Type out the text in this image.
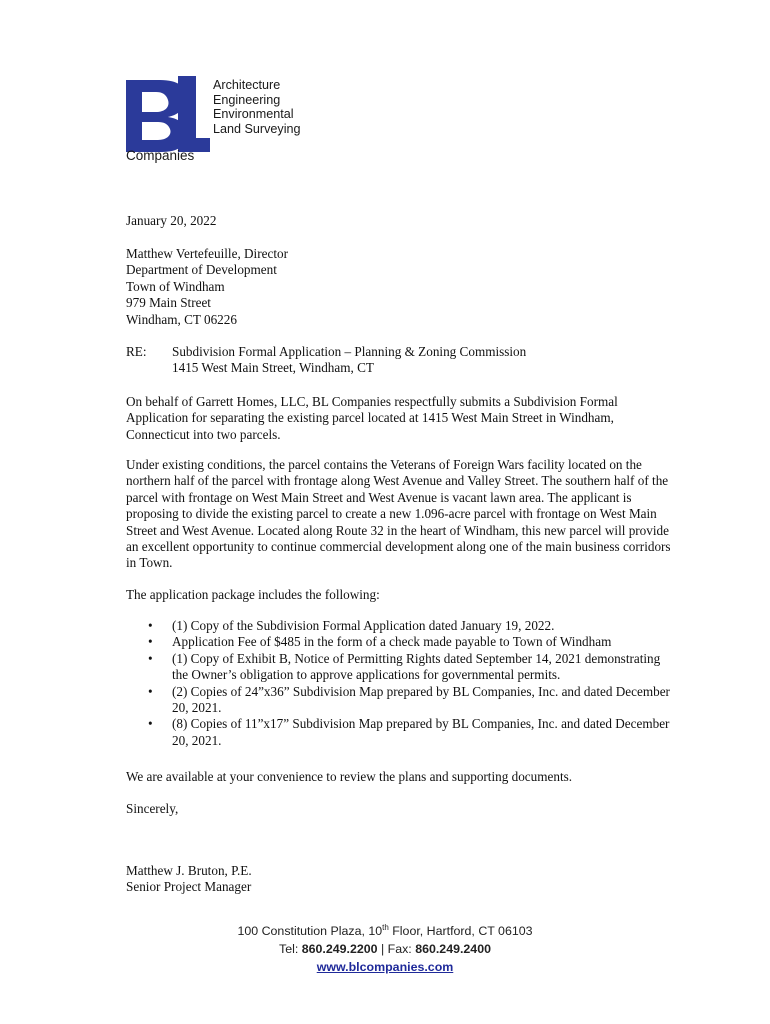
Architecture
Engineering
Environmental
Land Surveying
Companies
January 20, 2022
Matthew Vertefeuille, Director
Department of Development
Town of Windham
979 Main Street
Windham, CT 06226
RE: Subdivision Formal Application – Planning & Zoning Commission
1415 West Main Street, Windham, CT
On behalf of Garrett Homes, LLC, BL Companies respectfully submits a Subdivision Formal
Application for separating the existing parcel located at 1415 West Main Street in Windham,
Connecticut into two parcels.
Under existing conditions, the parcel contains the Veterans of Foreign Wars facility located on the
northern half of the parcel with frontage along West Avenue and Valley Street. The southern half of the
parcel with frontage on West Main Street and West Avenue is vacant lawn area. The applicant is
proposing to divide the existing parcel to create a new 1.096-acre parcel with frontage on West Main
Street and West Avenue. Located along Route 32 in the heart of Windham, this new parcel will provide
an excellent opportunity to continue commercial development along one of the main business corridors
in Town.
The application package includes the following:
• (1) Copy of the Subdivision Formal Application dated January 19, 2022.
• Application Fee of $485 in the form of a check made payable to Town of Windham
• (1) Copy of Exhibit B, Notice of Permitting Rights dated September 14, 2021 demonstrating
the Owner’s obligation to approve applications for governmental permits.
• (2) Copies of 24”x36” Subdivision Map prepared by BL Companies, Inc. and dated December
20, 2021.
• (8) Copies of 11”x17” Subdivision Map prepared by BL Companies, Inc. and dated December
20, 2021.
We are available at your convenience to review the plans and supporting documents.
Sincerely,
Matthew J. Bruton, P.E.
Senior Project Manager
100 Constitution Plaza, 10th Floor, Hartford, CT 06103
Tel: 860.249.2200 | Fax: 860.249.2400
www.blcompanies.com
